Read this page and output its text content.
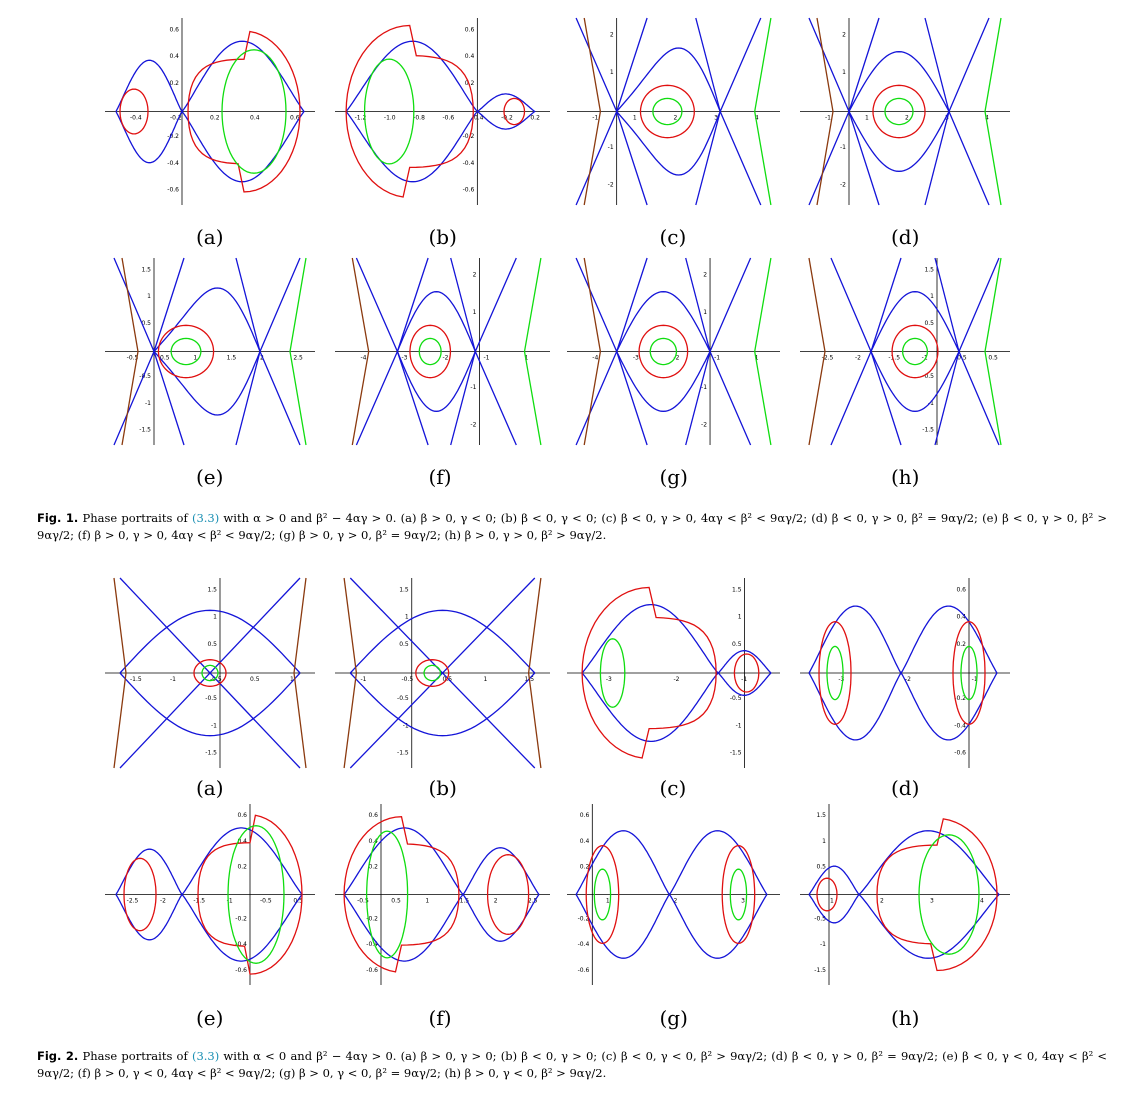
-0.4	-0.2	0.2	0.4	0.6
0.6
0.4
0.2
-0.2
-0.4
-0.6
(a)
-1.2	-1.0	-0.8	-0.6	-0.4	-0.2	0.2
0.6
0.4
0.2
-0.2
-0.4
-0.6
(b)
-1	1	2	3	4
2
1
-1
-2
(c)
-1	1	2	3	4
2
1
-1
-2
(d)
-0.5	0.5	1	1.5	2	2.5
1.5
1
0.5
-0.5
-1
-1.5
(e)
-4	-3	-2	-1	1
2
1
-1
-2
(f)
-4	-3	-2	-1	1
2
1
-1
-2
(g)
-2.5	-2	-1.5	-1	-0.5	0.5
1.5
1
0.5
-0.5
-1
-1.5
(h)
Fig. 1. Phase portraits of (3.3) with α > 0 and β² − 4αγ > 0. (a) β > 0, γ < 0; (b) β < 0, γ < 0; (c) β < 0, γ > 0, 4αγ < β² < 9αγ/2; (d) β < 0, γ > 0, β² = 9αγ/2; (e) β < 0, γ > 0, β² > 9αγ/2; (f) β > 0, γ > 0, 4αγ < β² < 9αγ/2; (g) β > 0, γ > 0, β² = 9αγ/2; (h) β > 0, γ > 0, β² > 9αγ/2.
-1.5	-1	-0.5	0.5	1
1.5
1
0.5
-0.5
-1
-1.5
(a)
-1	-0.5	0.5	1	1.5
1.5
1
0.5
-0.5
-1
-1.5
(b)
-3	-2	-1
1.5
1
0.5
-0.5
-1
-1.5
(c)
-3	-2	-1
0.6
0.4
0.2
-0.2
-0.4
-0.6
(d)
-2.5	-2	-1.5	-1	-0.5	0.5
0.6
0.4
0.2
-0.2
-0.4
-0.6
(e)
-0.5	0.5	1	1.5	2	2.5
0.6
0.4
0.2
-0.2
-0.4
-0.6
(f)
1	2	3
0.6
0.4
0.2
-0.2
-0.4
-0.6
(g)
1	2	3	4
1.5
1
0.5
-0.5
-1
-1.5
(h)
Fig. 2. Phase portraits of (3.3) with α < 0 and β² − 4αγ > 0. (a) β > 0, γ > 0; (b) β < 0, γ > 0; (c) β < 0, γ < 0, β² > 9αγ/2; (d) β < 0, γ > 0, β² = 9αγ/2; (e) β < 0, γ < 0, 4αγ < β² < 9αγ/2; (f) β > 0, γ < 0, 4αγ < β² < 9αγ/2; (g) β > 0, γ < 0, β² = 9αγ/2; (h) β > 0, γ < 0, β² > 9αγ/2.
